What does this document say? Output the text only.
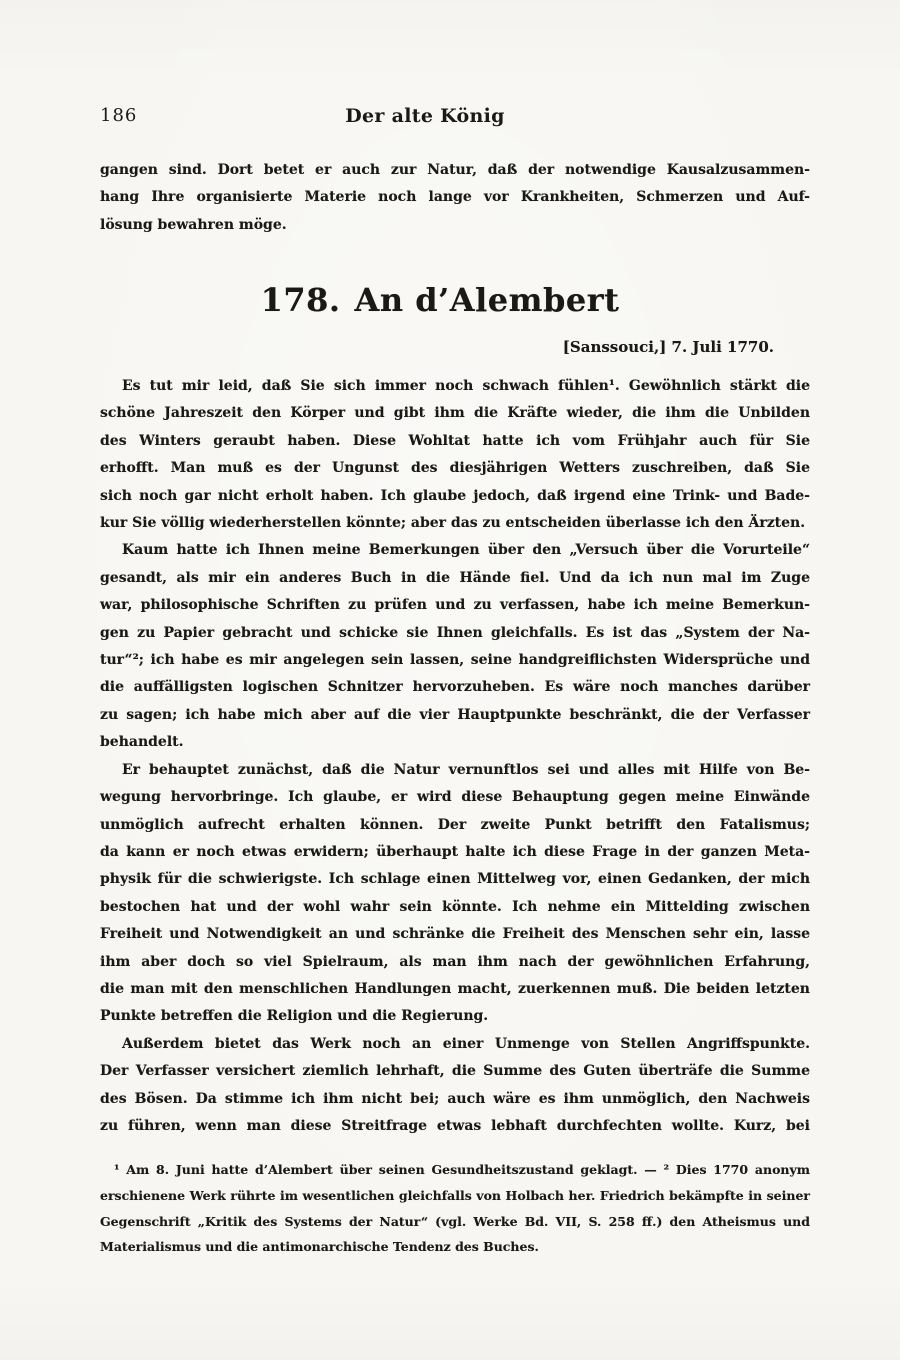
186	Der alte König
gangen sind. Dort betet er auch zur Natur, daß der notwendige Kausalzusammen-
hang Ihre organisierte Materie noch lange vor Krankheiten, Schmerzen und Auf-
lösung bewahren möge.
178. An d’Alembert
[Sanssouci,] 7. Juli 1770.
Es tut mir leid, daß Sie sich immer noch schwach fühlen¹. Gewöhnlich stärkt die
schöne Jahreszeit den Körper und gibt ihm die Kräfte wieder, die ihm die Unbilden
des Winters geraubt haben. Diese Wohltat hatte ich vom Frühjahr auch für Sie
erhofft. Man muß es der Ungunst des diesjährigen Wetters zuschreiben, daß Sie
sich noch gar nicht erholt haben. Ich glaube jedoch, daß irgend eine Trink- und Bade-
kur Sie völlig wiederherstellen könnte; aber das zu entscheiden überlasse ich den Ärzten.
Kaum hatte ich Ihnen meine Bemerkungen über den „Versuch über die Vorurteile“
gesandt, als mir ein anderes Buch in die Hände fiel. Und da ich nun mal im Zuge
war, philosophische Schriften zu prüfen und zu verfassen, habe ich meine Bemerkun-
gen zu Papier gebracht und schicke sie Ihnen gleichfalls. Es ist das „System der Na-
tur“²; ich habe es mir angelegen sein lassen, seine handgreiflichsten Widersprüche und
die auffälligsten logischen Schnitzer hervorzuheben. Es wäre noch manches darüber
zu sagen; ich habe mich aber auf die vier Hauptpunkte beschränkt, die der Verfasser
behandelt.
Er behauptet zunächst, daß die Natur vernunftlos sei und alles mit Hilfe von Be-
wegung hervorbringe. Ich glaube, er wird diese Behauptung gegen meine Einwände
unmöglich aufrecht erhalten können. Der zweite Punkt betrifft den Fatalismus;
da kann er noch etwas erwidern; überhaupt halte ich diese Frage in der ganzen Meta-
physik für die schwierigste. Ich schlage einen Mittelweg vor, einen Gedanken, der mich
bestochen hat und der wohl wahr sein könnte. Ich nehme ein Mittelding zwischen
Freiheit und Notwendigkeit an und schränke die Freiheit des Menschen sehr ein, lasse
ihm aber doch so viel Spielraum, als man ihm nach der gewöhnlichen Erfahrung,
die man mit den menschlichen Handlungen macht, zuerkennen muß. Die beiden letzten
Punkte betreffen die Religion und die Regierung.
Außerdem bietet das Werk noch an einer Unmenge von Stellen Angriffspunkte.
Der Verfasser versichert ziemlich lehrhaft, die Summe des Guten überträfe die Summe
des Bösen. Da stimme ich ihm nicht bei; auch wäre es ihm unmöglich, den Nachweis
zu führen, wenn man diese Streitfrage etwas lebhaft durchfechten wollte. Kurz, bei
¹ Am 8. Juni hatte d’Alembert über seinen Gesundheitszustand geklagt. — ² Dies 1770 anonym
erschienene Werk rührte im wesentlichen gleichfalls von Holbach her. Friedrich bekämpfte in seiner
Gegenschrift „Kritik des Systems der Natur“ (vgl. Werke Bd. VII, S. 258 ff.) den Atheismus und
Materialismus und die antimonarchische Tendenz des Buches.
